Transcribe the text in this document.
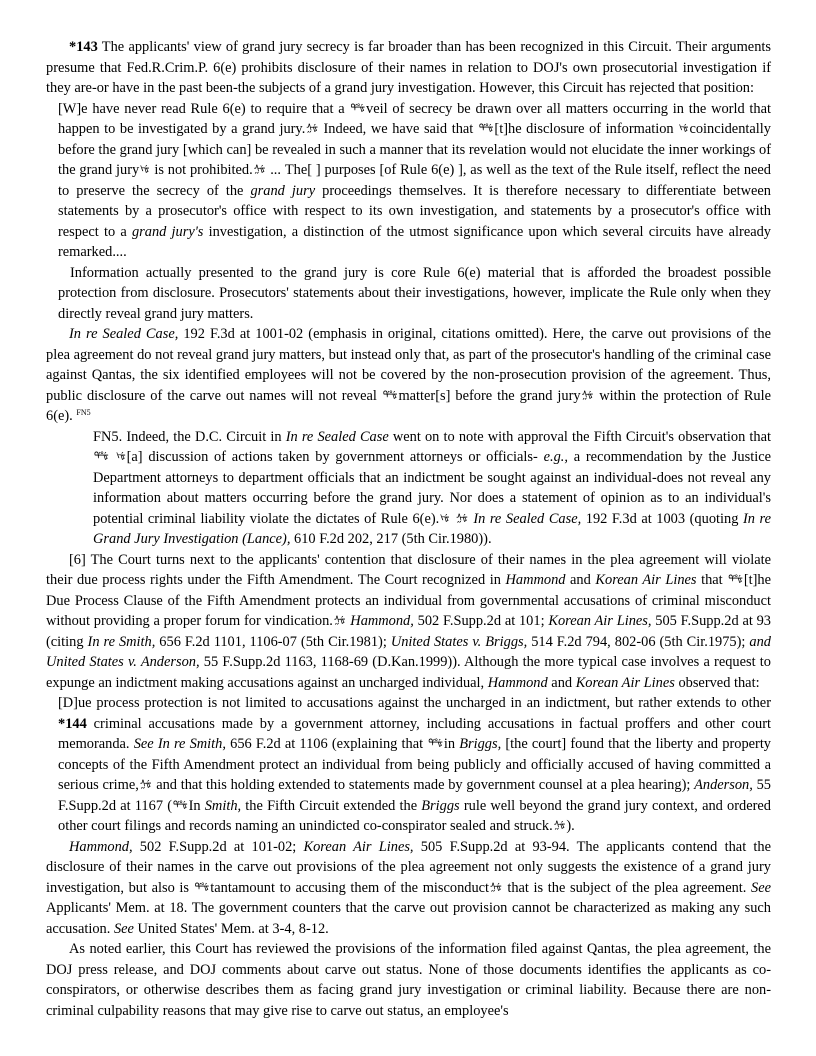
*143 The applicants' view of grand jury secrecy is far broader than has been recognized in this Circuit. Their arguments presume that Fed.R.Crim.P. 6(e) prohibits disclosure of their names in relation to DOJ's own prosecutorial investigation if they are-or have in the past been-the subjects of a grand jury investigation. However, this Circuit has rejected that position:

[W]e have never read Rule 6(e) to require that a ᢡᢠveil of secrecy be drawn over all matters occurring in the world that happen to be investigated by a grand jury.ᢢᢠ Indeed, we have said that ᢡᢠ[t]he disclosure of information ᢣᢠcoincidentally before the grand jury [which can] be revealed in such a manner that its revelation would not elucidate the inner workings of the grand juryᢣᢠ is not prohibited.ᢢᢠ ... The[ ] purposes [of Rule 6(e) ], as well as the text of the Rule itself, reflect the need to preserve the secrecy of the grand jury proceedings themselves. It is therefore necessary to differentiate between statements by a prosecutor's office with respect to its own investigation, and statements by a prosecutor's office with respect to a grand jury's investigation, a distinction of the utmost significance upon which several circuits have already remarked....

Information actually presented to the grand jury is core Rule 6(e) material that is afforded the broadest possible protection from disclosure. Prosecutors' statements about their investigations, however, implicate the Rule only when they directly reveal grand jury matters.

In re Sealed Case, 192 F.3d at 1001-02 (emphasis in original, citations omitted). Here, the carve out provisions of the plea agreement do not reveal grand jury matters, but instead only that, as part of the prosecutor's handling of the criminal case against Qantas, the six identified employees will not be covered by the non-prosecution provision of the agreement. Thus, public disclosure of the carve out names will not reveal ᢡᢠmatter[s] before the grand juryᢢᢠ within the protection of Rule 6(e). $^{FN5}$

FN5. Indeed, the D.C. Circuit in In re Sealed Case went on to note with approval the Fifth Circuit's observation that ᢡᢠ ᢣᢠ[a] discussion of actions taken by government attorneys or officials- e.g., a recommendation by the Justice Department attorneys to department officials that an indictment be sought against an individual-does not reveal any information about matters occurring before the grand jury. Nor does a statement of opinion as to an individual's potential criminal liability violate the dictates of Rule 6(e).ᢣᢠ ᢢᢠ In re Sealed Case, 192 F.3d at 1003 (quoting In re Grand Jury Investigation (Lance), 610 F.2d 202, 217 (5th Cir.1980)).

[6] The Court turns next to the applicants' contention that disclosure of their names in the plea agreement will violate their due process rights under the Fifth Amendment. The Court recognized in Hammond and Korean Air Lines that ᢡᢠ[t]he Due Process Clause of the Fifth Amendment protects an individual from governmental accusations of criminal misconduct without providing a proper forum for vindication.ᢢᢠ Hammond, 502 F.Supp.2d at 101; Korean Air Lines, 505 F.Supp.2d at 93 (citing In re Smith, 656 F.2d 1101, 1106-07 (5th Cir.1981); United States v. Briggs, 514 F.2d 794, 802-06 (5th Cir.1975); and United States v. Anderson, 55 F.Supp.2d 1163, 1168-69 (D.Kan.1999)). Although the more typical case involves a request to expunge an indictment making accusations against an uncharged individual, Hammond and Korean Air Lines observed that:

[D]ue process protection is not limited to accusations against the uncharged in an indictment, but rather extends to other *144 criminal accusations made by a government attorney, including accusations in factual proffers and other court memoranda. See In re Smith, 656 F.2d at 1106 (explaining that ᢡᢠin Briggs, [the court] found that the liberty and property concepts of the Fifth Amendment protect an individual from being publicly and officially accused of having committed a serious crime,ᢢᢠ and that this holding extended to statements made by government counsel at a plea hearing); Anderson, 55 F.Supp.2d at 1167 (ᢡᢠIn Smith, the Fifth Circuit extended the Briggs rule well beyond the grand jury context, and ordered other court filings and records naming an unindicted co-conspirator sealed and struck.ᢢᢠ).

Hammond, 502 F.Supp.2d at 101-02; Korean Air Lines, 505 F.Supp.2d at 93-94. The applicants contend that the disclosure of their names in the carve out provisions of the plea agreement not only suggests the existence of a grand jury investigation, but also is ᢡᢠtantamount to accusing them of the misconductᢢᢠ that is the subject of the plea agreement. See Applicants' Mem. at 18. The government counters that the carve out provision cannot be characterized as making any such accusation. See United States' Mem. at 3-4, 8-12.

As noted earlier, this Court has reviewed the provisions of the information filed against Qantas, the plea agreement, the DOJ press release, and DOJ comments about carve out status. None of those documents identifies the applicants as co-conspirators, or otherwise describes them as facing grand jury investigation or criminal liability. Because there are non-criminal culpability reasons that may give rise to carve out status, an employee's
